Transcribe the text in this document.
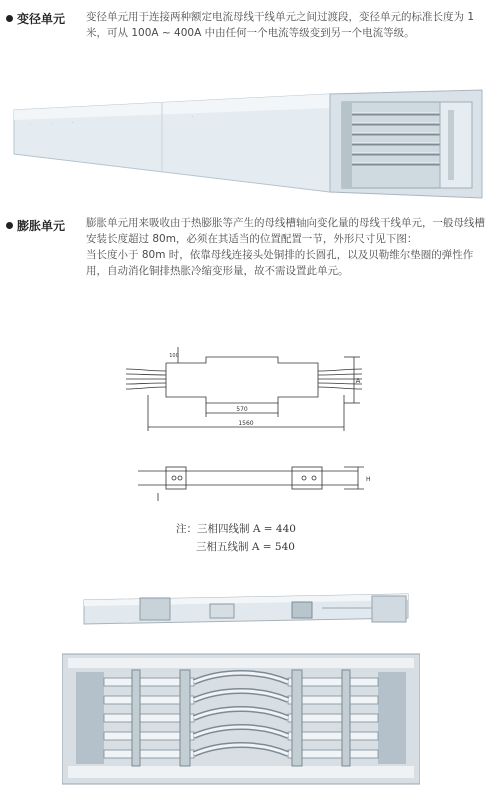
变径单元 变径单元用于连接两种额定电流母线干线单元之间过渡段，变径单元的标准长度为 1米，可从 100A ~ 400A 中由任何一个电流等级变到另一个电流等级。

膨胀单元 膨胀单元用来吸收由于热膨胀等产生的母线槽轴向变化量的母线干线单元，一般母线槽安装长度超过 80m，必须在其适当的位置配置一节，外形尺寸见下图：

当长度小于 80m 时，依靠母线连接头处铜排的长圆孔，以及贝勒维尔垫圈的弹性作用，自动消化铜排热胀冷缩变形量，故不需设置此单元。

570
1560
100
A
H
注：三相四线制 A = 440
三相五线制 A = 540
